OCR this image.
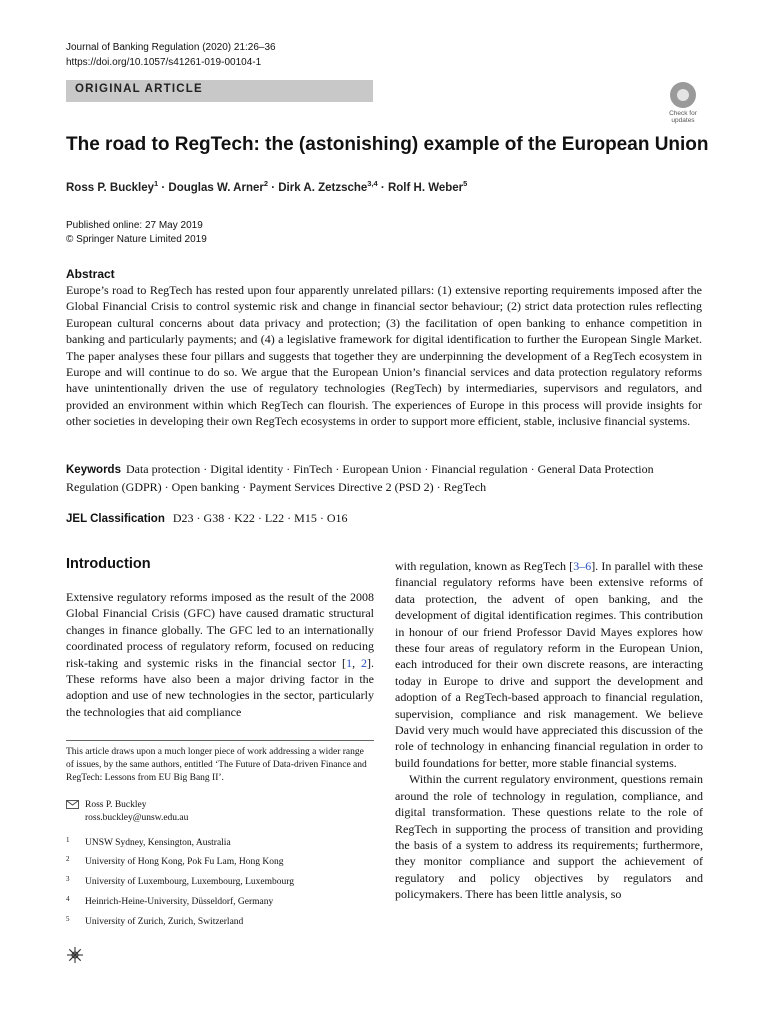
Journal of Banking Regulation (2020) 21:26–36
https://doi.org/10.1057/s41261-019-00104-1
ORIGINAL ARTICLE
Check for
updates
The road to RegTech: the (astonishing) example of the European Union
Ross P. Buckley$^1$ · Douglas W. Arner$^2$ · Dirk A. Zetzsche$^{3,4}$ · Rolf H. Weber$^5$
Published online: 27 May 2019
© Springer Nature Limited 2019
Abstract
Europe’s road to RegTech has rested upon four apparently unrelated pillars: (1) extensive reporting requirements imposed after the Global Financial Crisis to control systemic risk and change in financial sector behaviour; (2) strict data protection rules reflecting European cultural concerns about data privacy and protection; (3) the facilitation of open banking to enhance competition in banking and particularly payments; and (4) a legislative framework for digital identification to further the European Single Market. The paper analyses these four pillars and suggests that together they are underpinning the development of a RegTech ecosystem in Europe and will continue to do so. We argue that the European Union’s financial services and data protection regulatory reforms have unintentionally driven the use of regulatory technologies (RegTech) by intermediaries, supervisors and regulators, and provided an environment within which RegTech can flourish. The experiences of Europe in this process will provide insights for other societies in developing their own RegTech ecosystems in order to support more efficient, stable, inclusive financial systems.
Keywords Data protection · Digital identity · FinTech · European Union · Financial regulation · General Data Protection Regulation (GDPR) · Open banking · Payment Services Directive 2 (PSD 2) · RegTech
JEL Classification D23 · G38 · K22 · L22 · M15 · O16
Introduction
Extensive regulatory reforms imposed as the result of the 2008 Global Financial Crisis (GFC) have caused dramatic structural changes in finance globally. The GFC led to an internationally coordinated process of regulatory reform, focused on reducing risk-taking and systemic risks in the financial sector [1, 2]. These reforms have also been a major driving factor in the adoption and use of new technologies in the sector, particularly the technologies that aid compliance

with regulation, known as RegTech [3–6]. In parallel with these financial regulatory reforms have been extensive reforms of data protection, the advent of open banking, and the development of digital identification regimes. This contribution in honour of our friend Professor David Mayes explores how these four areas of regulatory reform in the European Union, each introduced for their own discrete reasons, are interacting today in Europe to drive and support the development and adoption of a RegTech-based approach to financial regulation, supervision, compliance and risk management. We believe David very much would have appreciated this discussion of the role of technology in enhancing financial regulation in order to build foundations for better, more stable financial systems.

Within the current regulatory environment, questions remain around the role of technology in regulation, compliance, and digital transformation. These questions relate to the role of RegTech in supporting the process of transition and providing the basis of a system to address its requirements; furthermore, they monitor compliance and support the achievement of regulatory and policy objectives by regulators and policymakers. There has been little analysis, so

This article draws upon a much longer piece of work addressing a wider range of issues, by the same authors, entitled ‘The Future of Data-driven Finance and RegTech: Lessons from EU Big Bang II’.
Ross P. Buckley
ross.buckley@unsw.edu.au
1 UNSW Sydney, Kensington, Australia
2 University of Hong Kong, Pok Fu Lam, Hong Kong
3 University of Luxembourg, Luxembourg, Luxembourg
4 Heinrich-Heine-University, Düsseldorf, Germany
5 University of Zurich, Zurich, Switzerland
